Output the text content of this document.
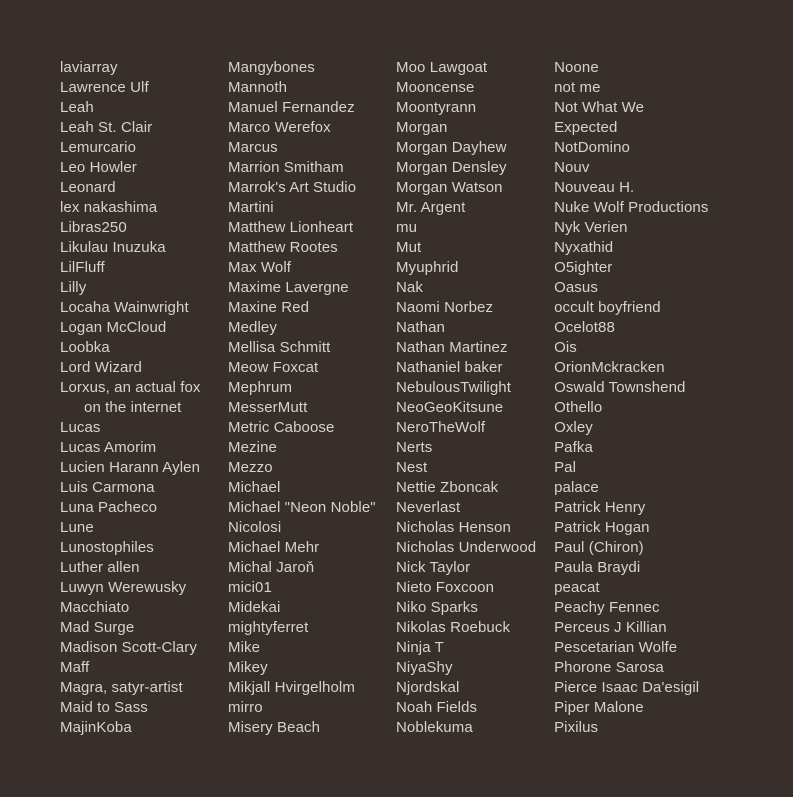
laviarray
Lawrence Ulf
Leah
Leah St. Clair
Lemurcario
Leo Howler
Leonard
lex nakashima
Libras250
Likulau Inuzuka
LilFluff
Lilly
Locaha Wainwright
Logan McCloud
Loobka
Lord Wizard
Lorxus, an actual fox
on the internet
Lucas
Lucas Amorim
Lucien Harann Aylen
Luis Carmona
Luna Pacheco
Lune
Lunostophiles
Luther allen
Luwyn Werewusky
Macchiato
Mad Surge
Madison Scott-Clary
Maff
Magra, satyr-artist
Maid to Sass
MajinKoba
Mangybones
Mannoth
Manuel Fernandez
Marco Werefox
Marcus
Marrion Smitham
Marrok's Art Studio
Martini
Matthew Lionheart
Matthew Rootes
Max Wolf
Maxime Lavergne
Maxine Red
Medley
Mellisa Schmitt
Meow Foxcat
Mephrum
MesserMutt
Metric Caboose
Mezine
Mezzo
Michael
Michael "Neon Noble"
Nicolosi
Michael Mehr
Michal Jaroň
mici01
Midekai
mightyferret
Mike
Mikey
Mikjall Hvirgelholm
mirro
Misery Beach
Moo Lawgoat
Mooncense
Moontyrann
Morgan
Morgan Dayhew
Morgan Densley
Morgan Watson
Mr. Argent
mu
Mut
Myuphrid
Nak
Naomi Norbez
Nathan
Nathan Martinez
Nathaniel baker
NebulousTwilight
NeoGeoKitsune
NeroTheWolf
Nerts
Nest
Nettie Zboncak
Neverlast
Nicholas Henson
Nicholas Underwood
Nick Taylor
Nieto Foxcoon
Niko Sparks
Nikolas Roebuck
Ninja T
NiyaShy
Njordskal
Noah Fields
Noblekuma
Noone
not me
Not What We
Expected
NotDomino
Nouv
Nouveau H.
Nuke Wolf Productions
Nyk Verien
Nyxathid
O5ighter
Oasus
occult boyfriend
Ocelot88
Ois
OrionMckracken
Oswald Townshend
Othello
Oxley
Pafka
Pal
palace
Patrick Henry
Patrick Hogan
Paul (Chiron)
Paula Braydi
peacat
Peachy Fennec
Perceus J Killian
Pescetarian Wolfe
Phorone Sarosa
Pierce Isaac Da'esigil
Piper Malone
Pixilus
